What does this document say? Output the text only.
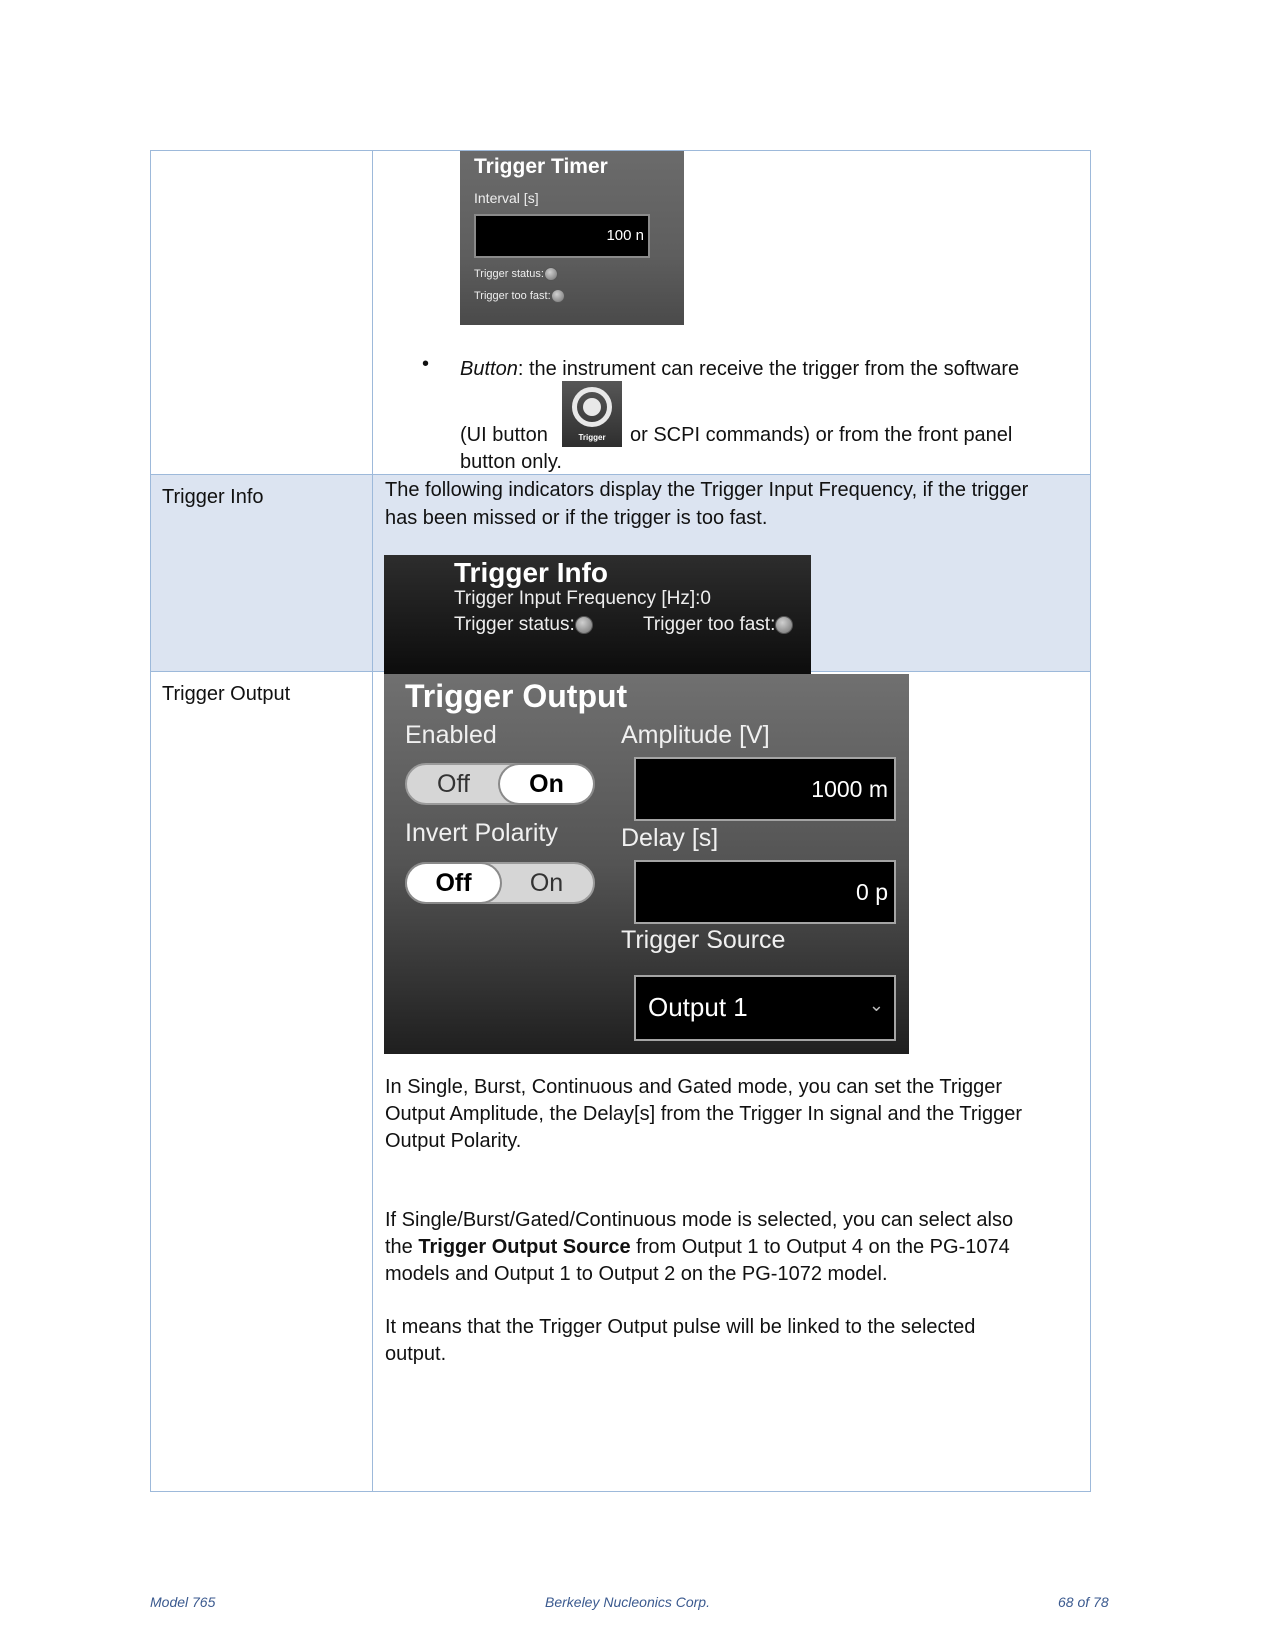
Trigger Timer
Interval [s]
100 n
Trigger status:
Trigger too fast:
• Button: the instrument can receive the trigger from the software

(UI button	Trigger	or SCPI commands) or from the front panel

button only.

Trigger Info	The following indicators display the Trigger Input Frequency, if the trigger

has been missed or if the trigger is too fast.

Trigger Info
Trigger Input Frequency [Hz]:0
Trigger status:	Trigger too fast:
Trigger Output	Trigger Output
Enabled
Off	On
Invert Polarity
Off	On
Amplitude [V]
1000 m
Delay [s]
0 p
Trigger Source
Output 1	⌄

In Single, Burst, Continuous and Gated mode, you can set the Trigger

Output Amplitude, the Delay[s] from the Trigger In signal and the Trigger

Output Polarity.

If Single/Burst/Gated/Continuous mode is selected, you can select also

the Trigger Output Source from Output 1 to Output 4 on the PG-1074

models and Output 1 to Output 2 on the PG-1072 model.

It means that the Trigger Output pulse will be linked to the selected

output.

Model 765	Berkeley Nucleonics Corp.	68 of 78
